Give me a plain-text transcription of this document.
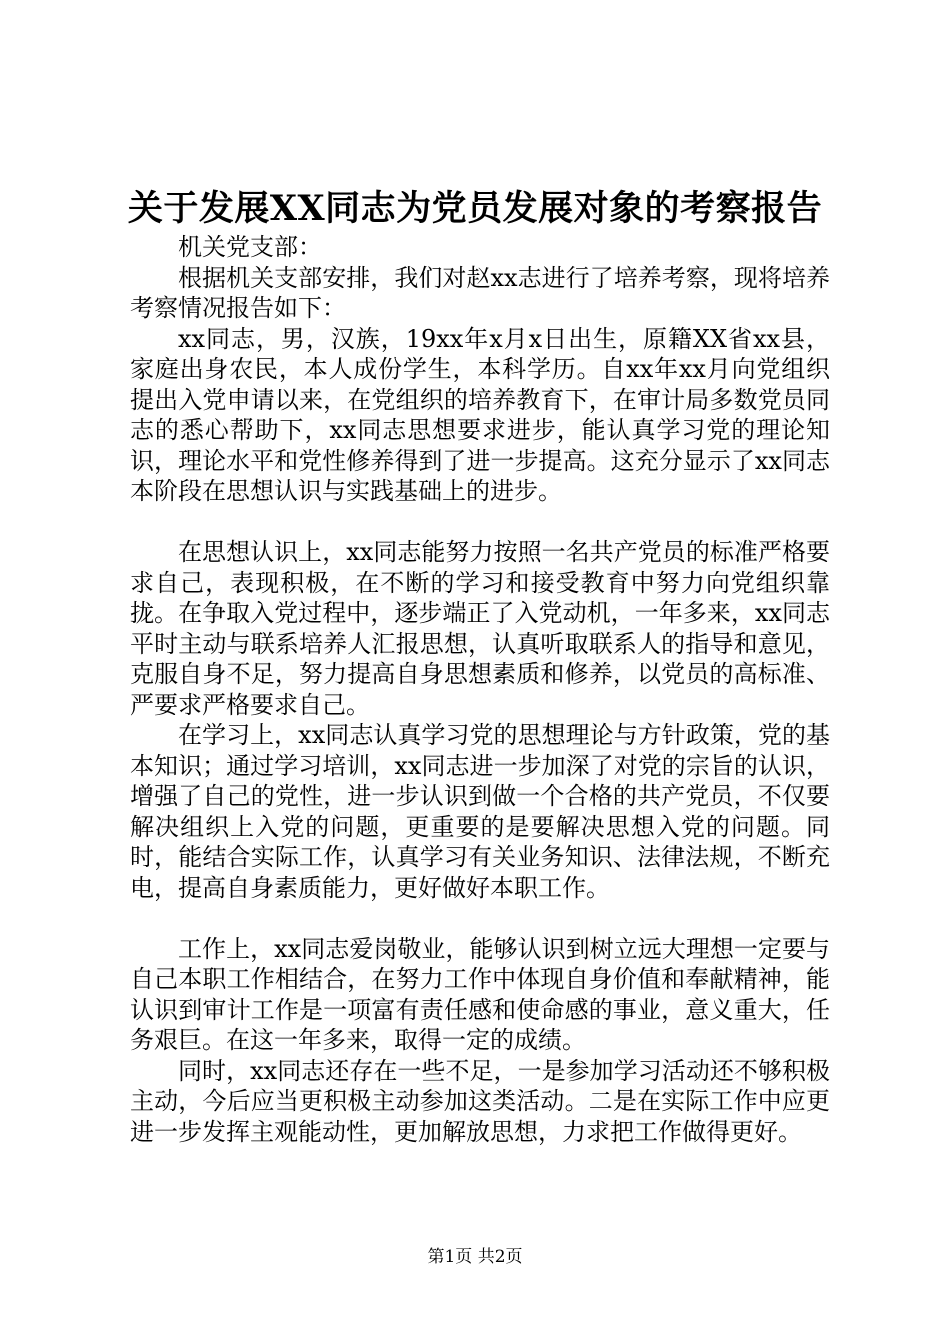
关于发展XX同志为党员发展对象的考察报告

机关党支部：

根据机关支部安排，我们对赵xx志进行了培养考察，现将培养考察情况报告如下：

xx同志，男，汉族，19xx年x月x日出生，原籍XX省xx县，家庭出身农民，本人成份学生，本科学历。自xx年xx月向党组织提出入党申请以来，在党组织的培养教育下，在审计局多数党员同志的悉心帮助下，xx同志思想要求进步，能认真学习党的理论知识，理论水平和党性修养得到了进一步提高。这充分显示了xx同志本阶段在思想认识与实践基础上的进步。

在思想认识上，xx同志能努力按照一名共产党员的标准严格要求自己，表现积极，在不断的学习和接受教育中努力向党组织靠拢。在争取入党过程中，逐步端正了入党动机，一年多来，xx同志平时主动与联系培养人汇报思想，认真听取联系人的指导和意见，克服自身不足，努力提高自身思想素质和修养，以党员的高标准、严要求严格要求自己。

在学习上，xx同志认真学习党的思想理论与方针政策，党的基本知识；通过学习培训，xx同志进一步加深了对党的宗旨的认识，增强了自己的党性，进一步认识到做一个合格的共产党员，不仅要解决组织上入党的问题，更重要的是要解决思想入党的问题。同时，能结合实际工作，认真学习有关业务知识、法律法规，不断充电，提高自身素质能力，更好做好本职工作。

工作上，xx同志爱岗敬业，能够认识到树立远大理想一定要与自己本职工作相结合，在努力工作中体现自身价值和奉献精神，能认识到审计工作是一项富有责任感和使命感的事业，意义重大，任务艰巨。在这一年多来，取得一定的成绩。

同时，xx同志还存在一些不足，一是参加学习活动还不够积极主动，今后应当更积极主动参加这类活动。二是在实际工作中应更进一步发挥主观能动性，更加解放思想，力求把工作做得更好。

第1页 共2页
